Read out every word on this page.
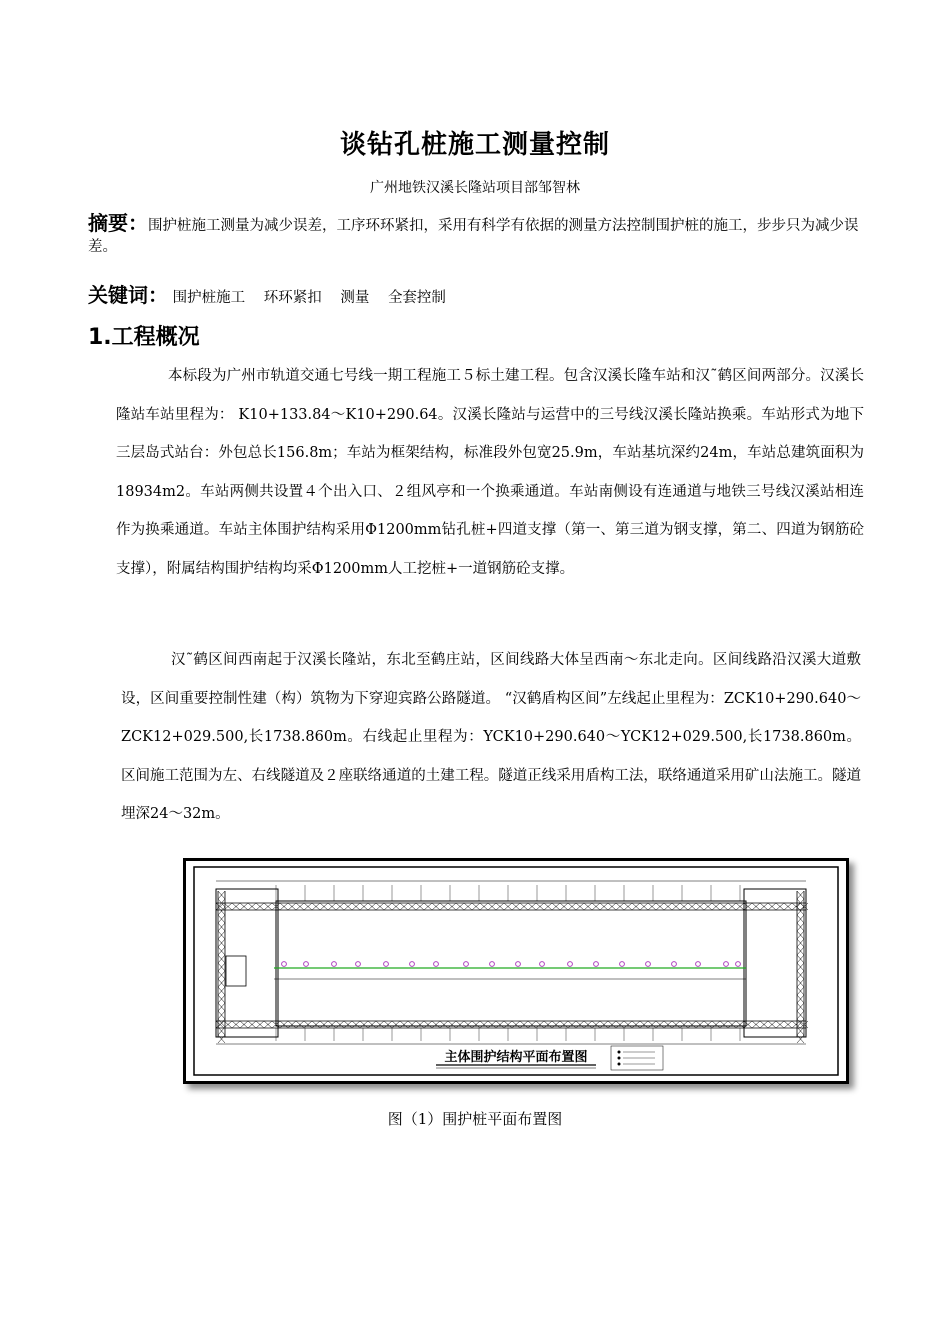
谈钻孔桩施工测量控制
广州地铁汉溪长隆站项目部邹智林
摘要：围护桩施工测量为减少误差，工序环环紧扣，采用有科学有依据的测量方法控制围护桩的施工，步步只为减少误差。
关键词： 围护桩施工 环环紧扣 测量 全套控制
1.工程概况
本标段为广州市轨道交通七号线一期工程施工５标土建工程。包含汉溪长隆车站和汉˜鹤区间两部分。汉溪长隆站车站里程为： K10+133.84～K10+290.64。汉溪长隆站与运营中的三号线汉溪长隆站换乘。车站形式为地下三层岛式站台：外包总长156.8m；车站为框架结构，标准段外包宽25.9m，车站基坑深约24m，车站总建筑面积为18934m2。车站两侧共设置４个出入口、２组风亭和一个换乘通道。车站南侧设有连通道与地铁三号线汉溪站相连作为换乘通道。车站主体围护结构采用Φ1200mm钻孔桩+四道支撑（第一、第三道为钢支撑，第二、四道为钢筋砼支撑），附属结构围护结构均采Φ1200mm人工挖桩+一道钢筋砼支撑。
汉˜鹤区间西南起于汉溪长隆站，东北至鹤庄站，区间线路大体呈西南～东北走向。区间线路沿汉溪大道敷设，区间重要控制性建（构）筑物为下穿迎宾路公路隧道。 “汉鹤盾构区间”左线起止里程为：ZCK10+290.640～ZCK12+029.500,长1738.860m。右线起止里程为：YCK10+290.640～YCK12+029.500,长1738.860m。区间施工范围为左、右线隧道及２座联络通道的土建工程。隧道正线采用盾构工法，联络通道采用矿山法施工。隧道埋深24～32m。
主体围护结构平面布置图
图（1）围护桩平面布置图
